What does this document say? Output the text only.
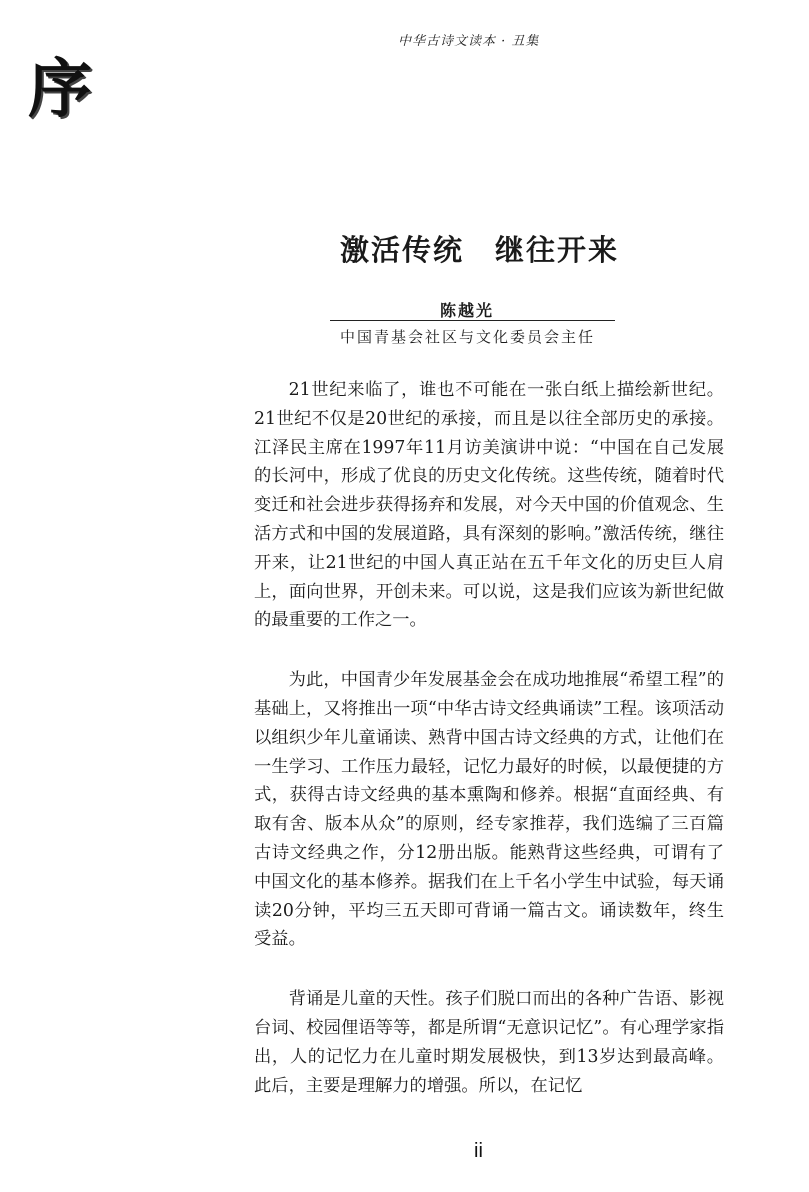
中华古诗文读本 · 丑集
序
激活传统　继往开来
陈越光
中国青基会社区与文化委员会主任

21世纪来临了，谁也不可能在一张白纸上描绘新世纪。21世纪不仅是20世纪的承接，而且是以往全部历史的承接。江泽民主席在1997年11月访美演讲中说：“中国在自己发展的长河中，形成了优良的历史文化传统。这些传统，随着时代变迁和社会进步获得扬弃和发展，对今天中国的价值观念、生活方式和中国的发展道路，具有深刻的影响。”激活传统，继往开来，让21世纪的中国人真正站在五千年文化的历史巨人肩上，面向世界，开创未来。可以说，这是我们应该为新世纪做的最重要的工作之一。

为此，中国青少年发展基金会在成功地推展“希望工程”的基础上，又将推出一项“中华古诗文经典诵读”工程。该项活动以组织少年儿童诵读、熟背中国古诗文经典的方式，让他们在一生学习、工作压力最轻，记忆力最好的时候，以最便捷的方式，获得古诗文经典的基本熏陶和修养。根据“直面经典、有取有舍、版本从众”的原则，经专家推荐，我们选编了三百篇古诗文经典之作，分12册出版。能熟背这些经典，可谓有了中国文化的基本修养。据我们在上千名小学生中试验，每天诵读20分钟，平均三五天即可背诵一篇古文。诵读数年，终生受益。

背诵是儿童的天性。孩子们脱口而出的各种广告语、影视台词、校园俚语等等，都是所谓“无意识记忆”。有心理学家指出，人的记忆力在儿童时期发展极快，到13岁达到最高峰。此后，主要是理解力的增强。所以，在记忆

ii
